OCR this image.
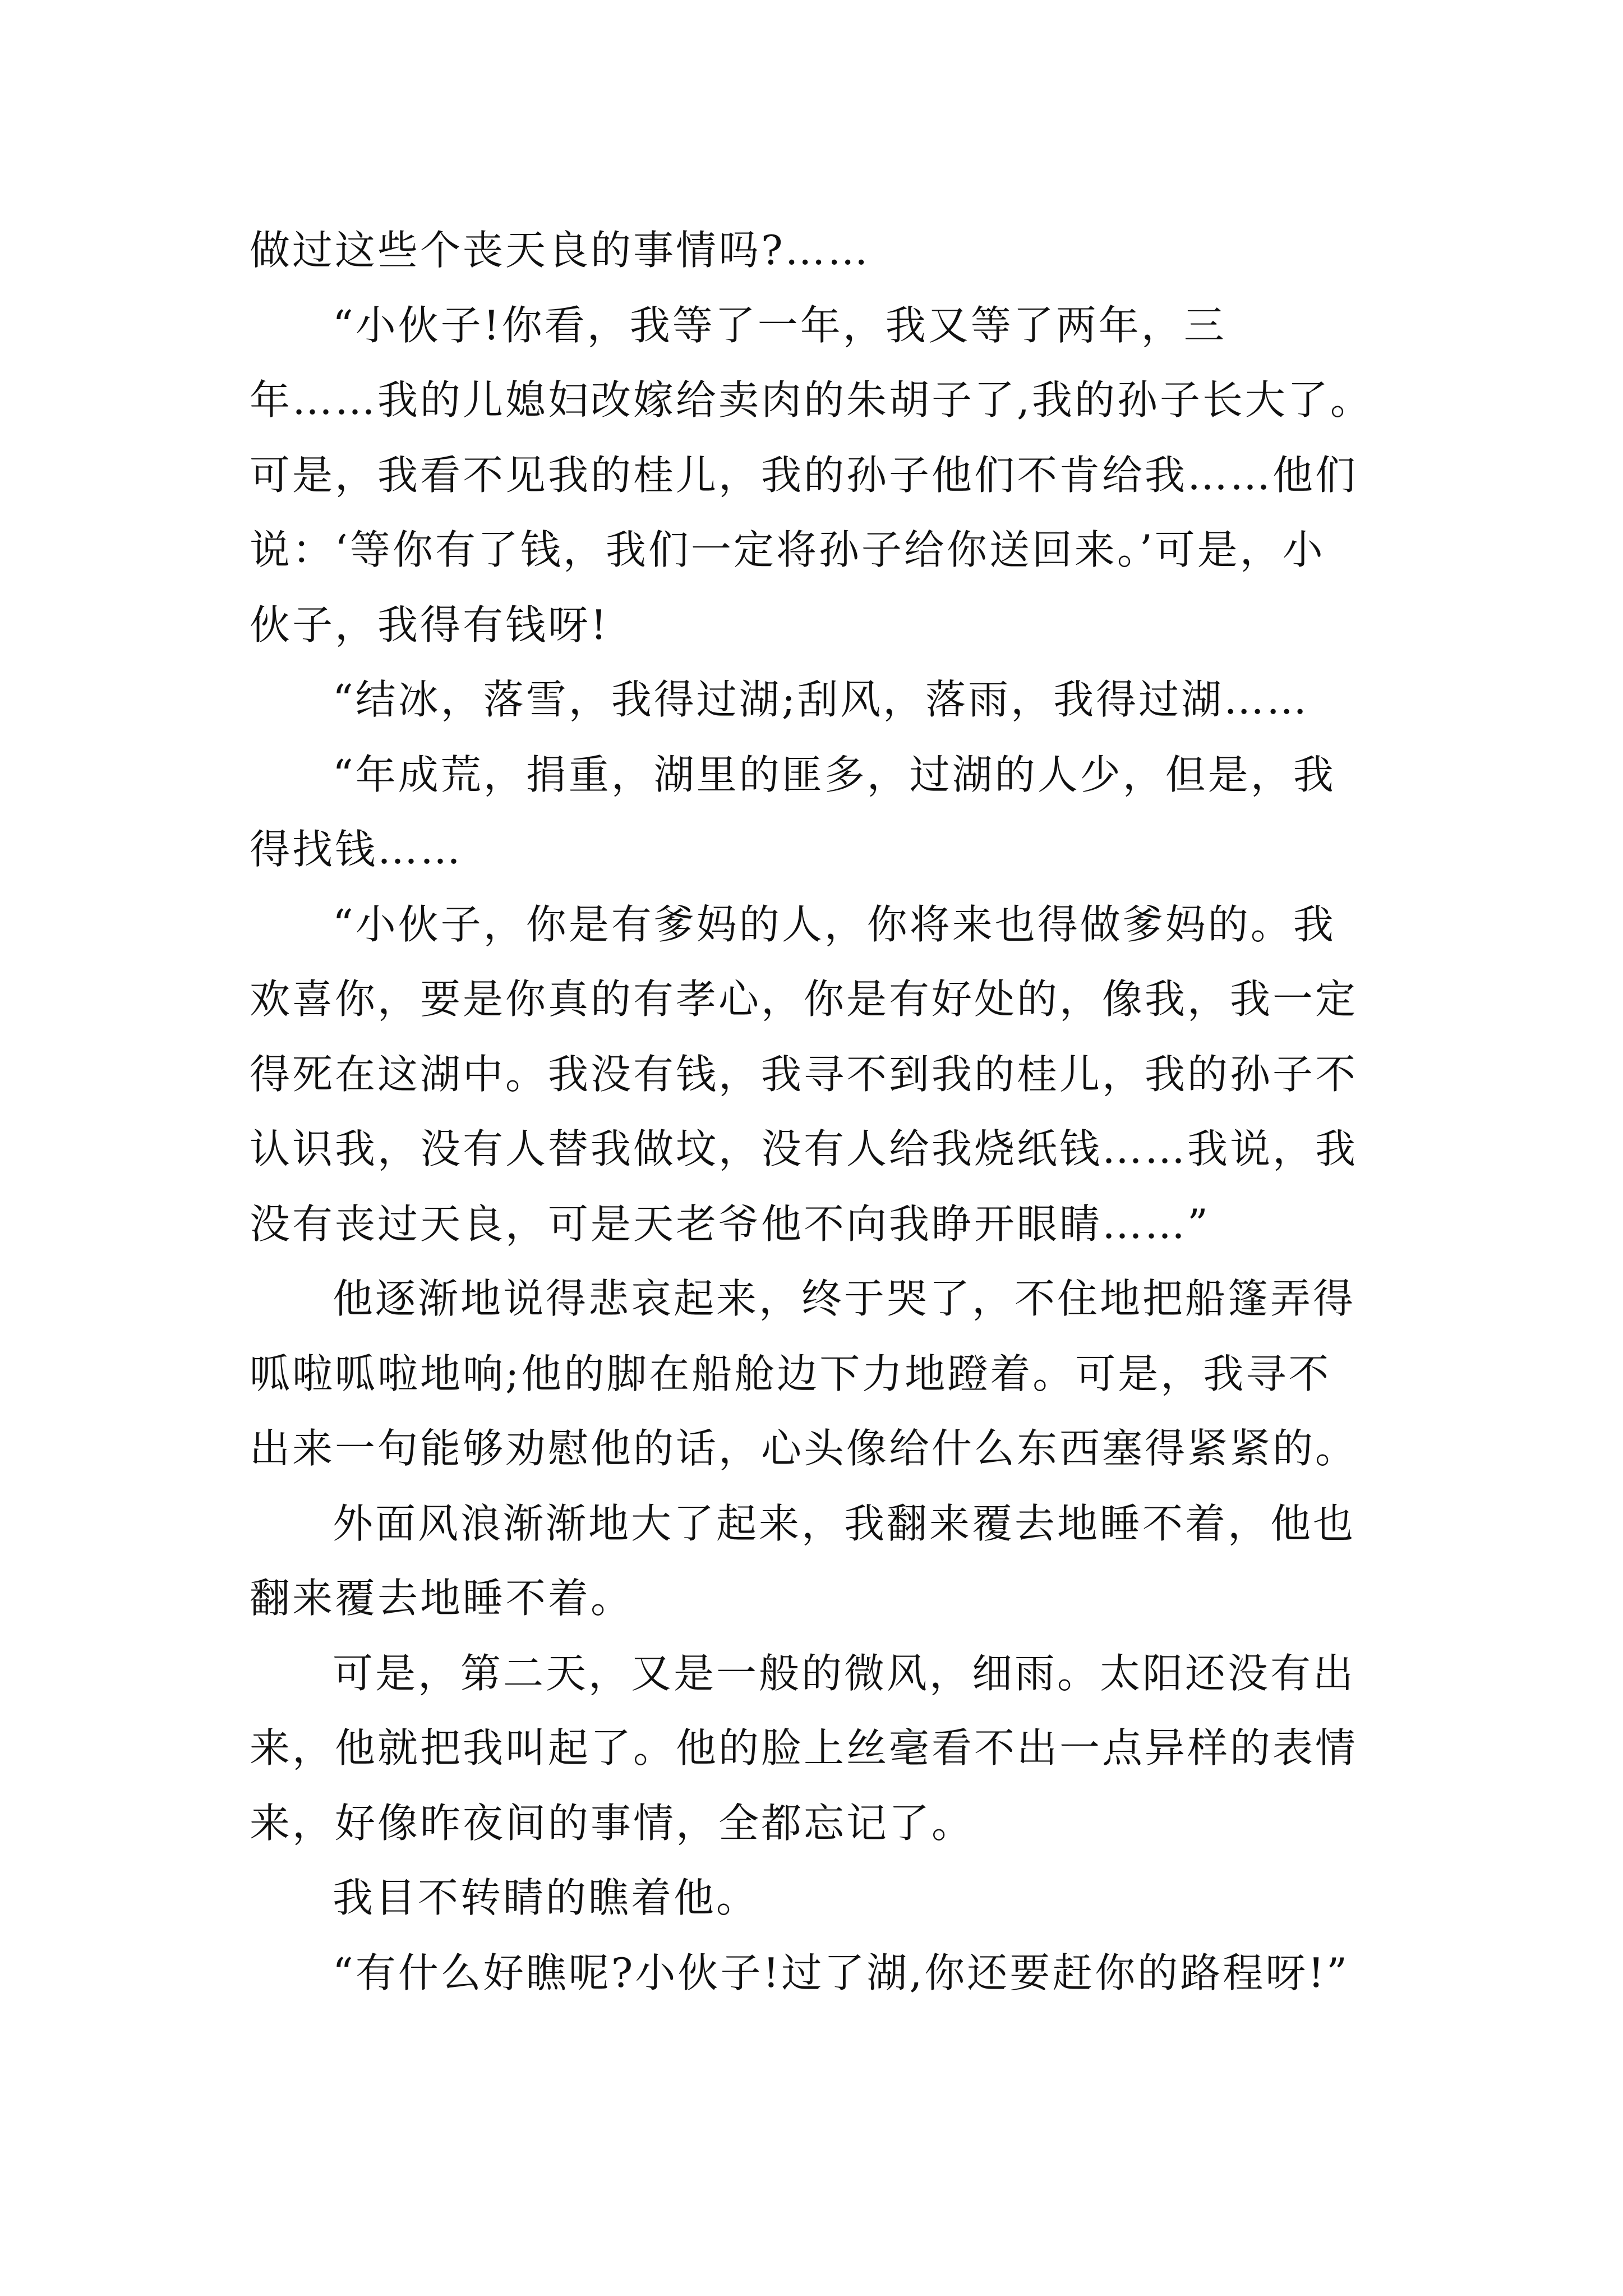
做过这些个丧天良的事情吗?……
“小伙子!你看，我等了一年，我又等了两年，三
年……我的儿媳妇改嫁给卖肉的朱胡子了,我的孙子长大了。
可是，我看不见我的桂儿，我的孙子他们不肯给我……他们
说：‘等你有了钱，我们一定将孙子给你送回来。’可是，小
伙子，我得有钱呀!
“结冰，落雪，我得过湖;刮风，落雨，我得过湖……
“年成荒，捐重，湖里的匪多，过湖的人少，但是，我
得找钱……
“小伙子，你是有爹妈的人，你将来也得做爹妈的。我
欢喜你，要是你真的有孝心，你是有好处的，像我，我一定
得死在这湖中。我没有钱，我寻不到我的桂儿，我的孙子不
认识我，没有人替我做坟，没有人给我烧纸钱……我说，我
没有丧过天良，可是天老爷他不向我睁开眼睛……”
他逐渐地说得悲哀起来，终于哭了，不住地把船篷弄得
呱啦呱啦地响;他的脚在船舱边下力地蹬着。可是，我寻不
出来一句能够劝慰他的话，心头像给什么东西塞得紧紧的。
外面风浪渐渐地大了起来，我翻来覆去地睡不着，他也
翻来覆去地睡不着。
可是，第二天，又是一般的微风，细雨。太阳还没有出
来，他就把我叫起了。他的脸上丝毫看不出一点异样的表情
来，好像昨夜间的事情，全都忘记了。
我目不转睛的瞧着他。
“有什么好瞧呢?小伙子!过了湖,你还要赶你的路程呀!”
